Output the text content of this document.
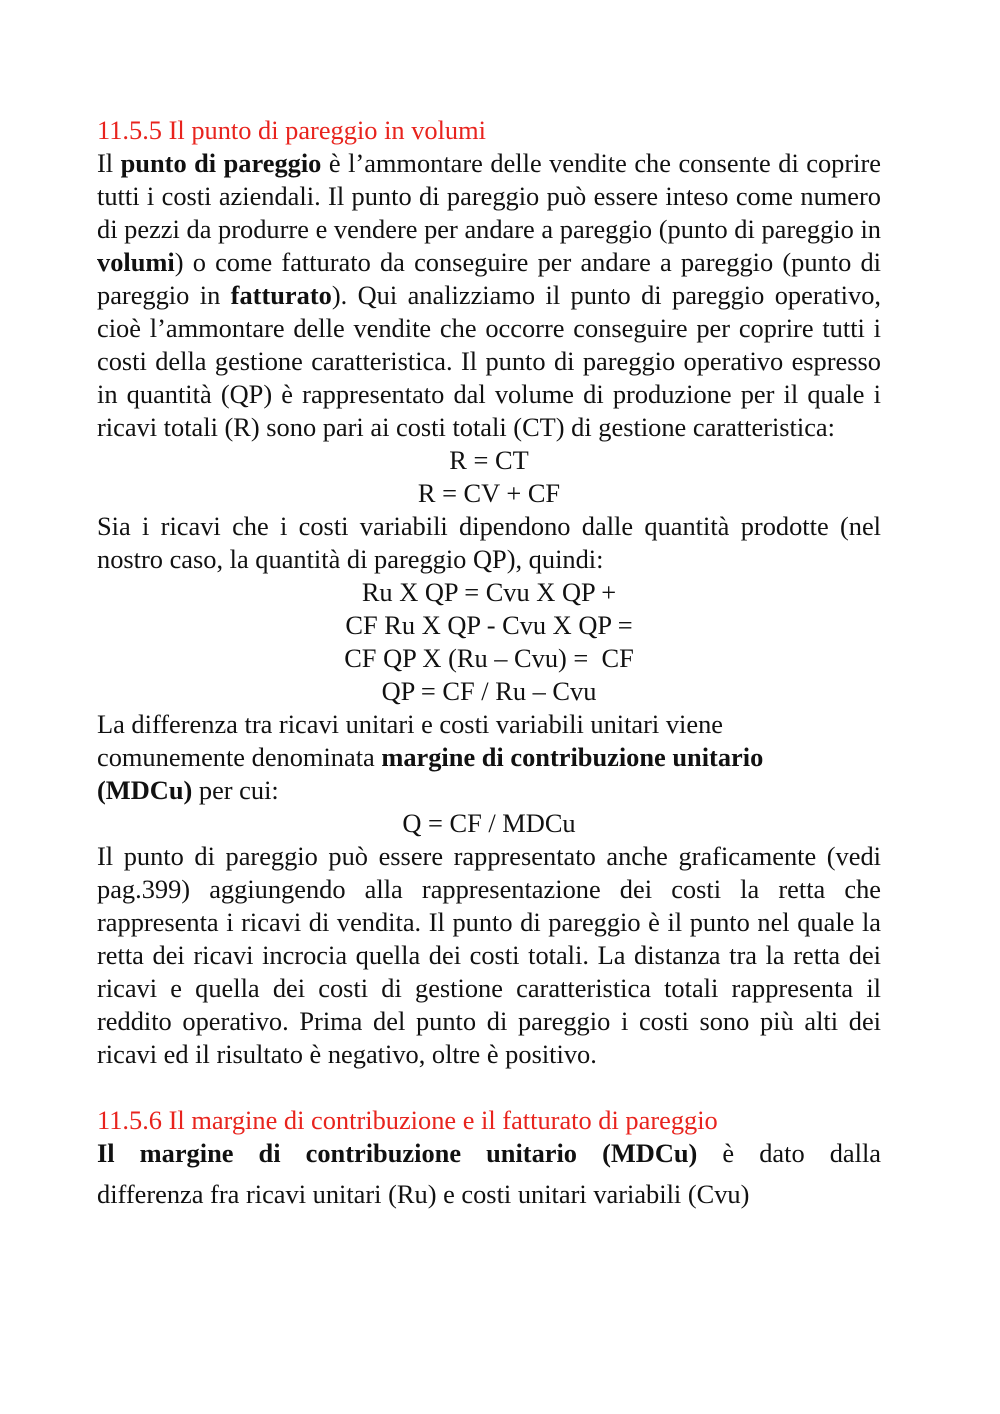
11.5.5 Il punto di pareggio in volumi

Il punto di pareggio è l’ammontare delle vendite che consente di coprire tutti i costi aziendali. Il punto di pareggio può essere inteso come numero di pezzi da produrre e vendere per andare a pareggio (punto di pareggio in volumi) o come fatturato da conseguire per andare a pareggio (punto di pareggio in fatturato). Qui analizziamo il punto di pareggio operativo, cioè l’ammontare delle vendite che occorre conseguire per coprire tutti i costi della gestione caratteristica. Il punto di pareggio operativo espresso in quantità (QP) è rappresentato dal volume di produzione per il quale i ricavi totali (R) sono pari ai costi totali (CT) di gestione caratteristica:

R = CT

R = CV + CF

Sia i ricavi che i costi variabili dipendono dalle quantità prodotte (nel nostro caso, la quantità di pareggio QP), quindi:

Ru X QP = Cvu X QP +

CF Ru X QP - Cvu X QP =

CF QP X (Ru – Cvu) =  CF

QP = CF / Ru – Cvu

La differenza tra ricavi unitari e costi variabili unitari viene

comunemente denominata margine di contribuzione unitario

(MDCu) per cui:

Q = CF / MDCu

Il punto di pareggio può essere rappresentato anche graficamente (vedi pag.399) aggiungendo alla rappresentazione dei costi la retta che rappresenta i ricavi di vendita. Il punto di pareggio è il punto nel quale la retta dei ricavi incrocia quella dei costi totali. La distanza tra la retta dei ricavi e quella dei costi di gestione caratteristica totali rappresenta il reddito operativo. Prima del punto di pareggio i costi sono più alti dei ricavi ed il risultato è negativo, oltre è positivo.

11.5.6 Il margine di contribuzione e il fatturato di pareggio

Il margine di contribuzione unitario (MDCu) è dato dalla

differenza fra ricavi unitari (Ru) e costi unitari variabili (Cvu)
